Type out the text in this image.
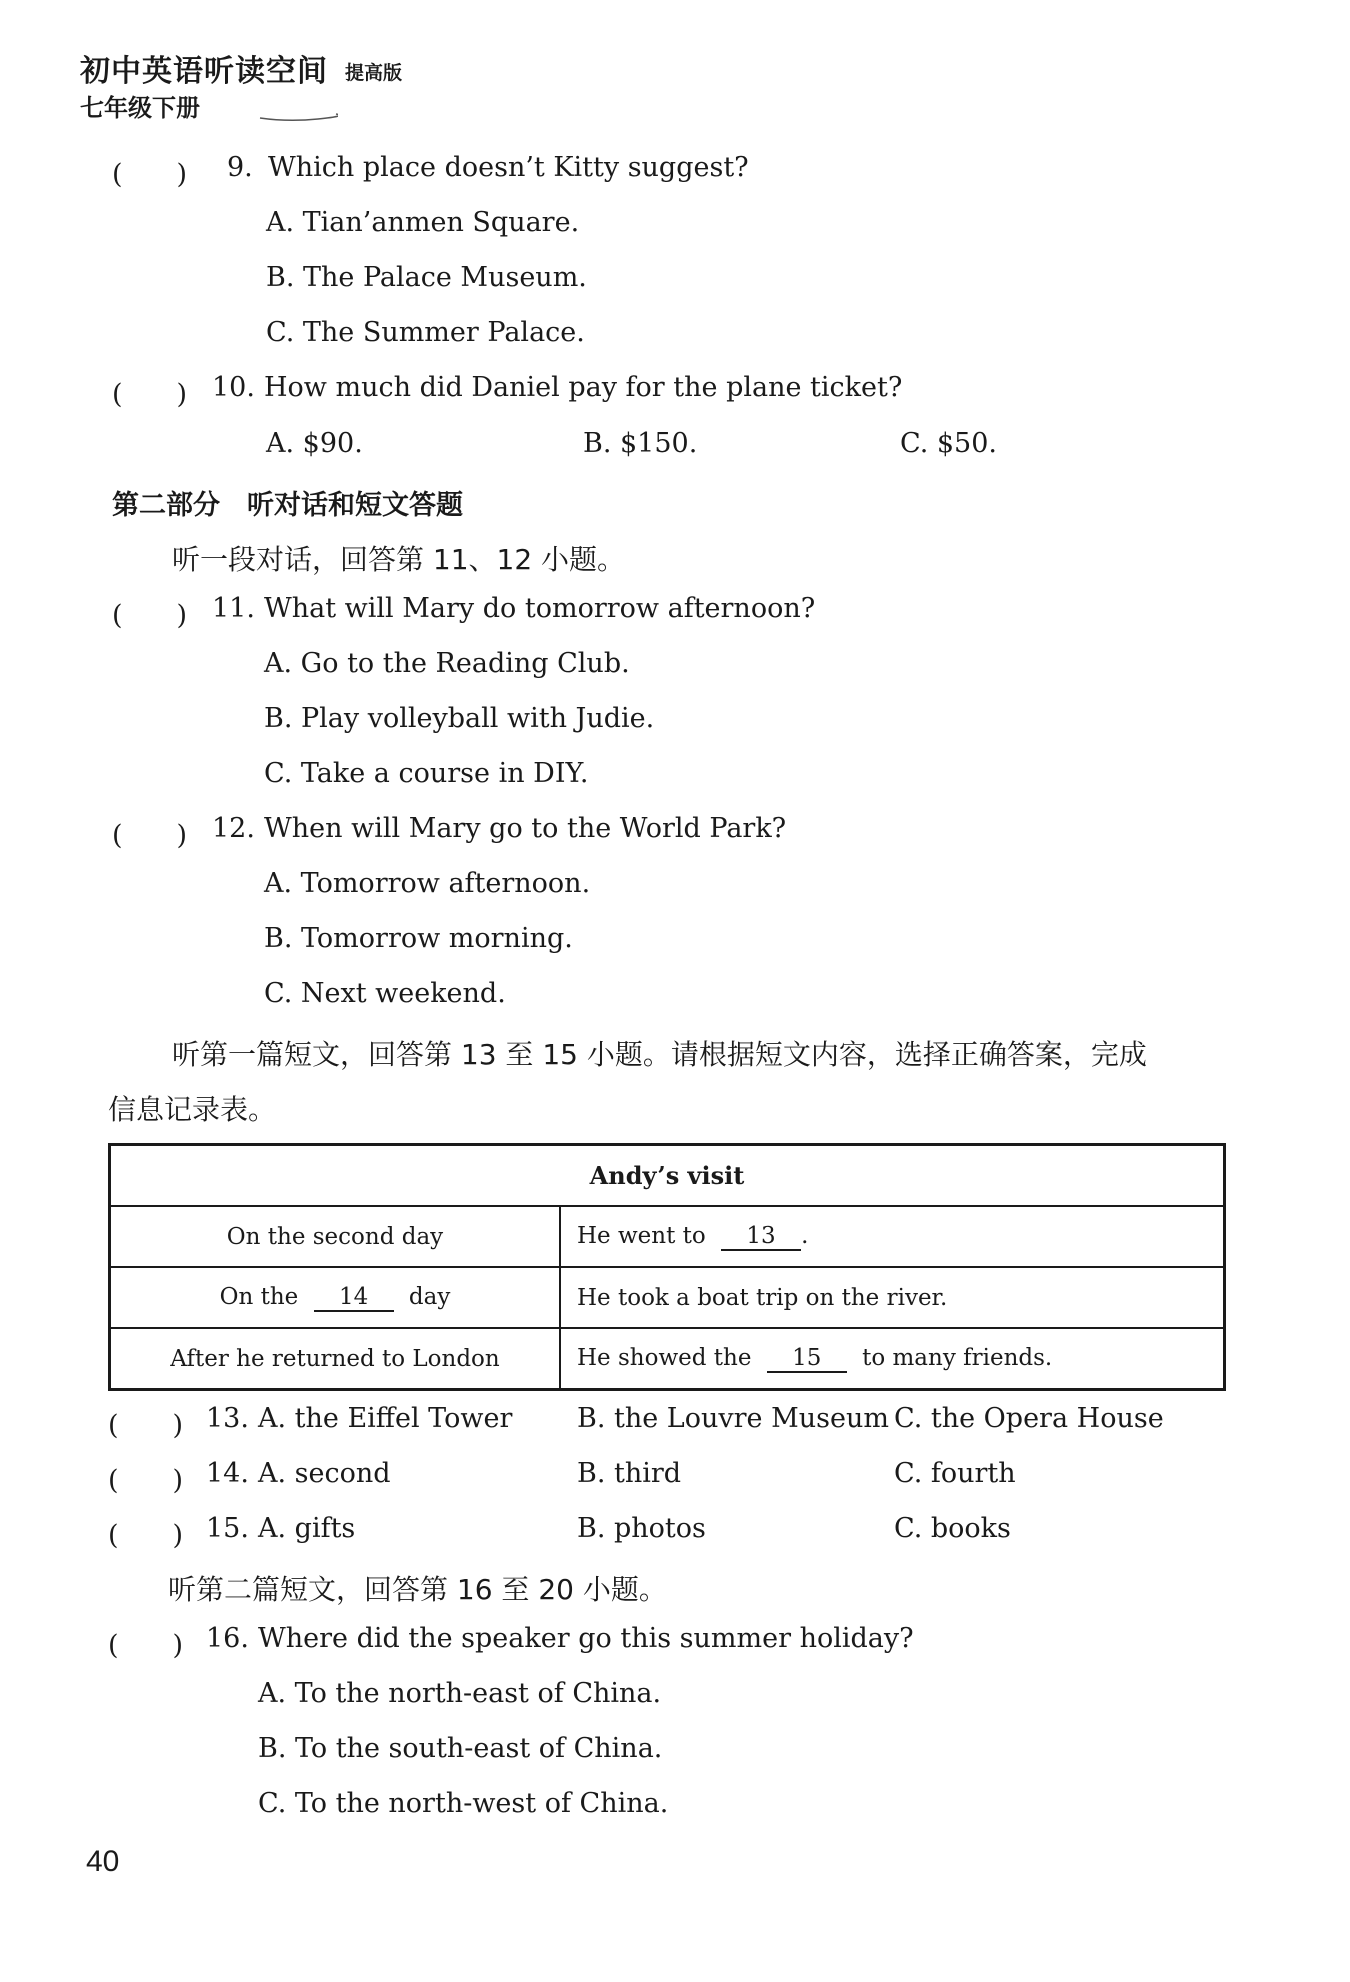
初中英语听读空间 提高版
七年级下册
(　　) 9. Which place doesn’t Kitty suggest?
A. Tian’anmen Square.
B. The Palace Museum.
C. The Summer Palace.
(　　) 10. How much did Daniel pay for the plane ticket?
A. $90.	B. $150.	C. $50.
第二部分　听对话和短文答题
听一段对话，回答第 11、12 小题。
(　　) 11. What will Mary do tomorrow afternoon?
A. Go to the Reading Club.
B. Play volleyball with Judie.
C. Take a course in DIY.
(　　) 12. When will Mary go to the World Park?
A. Tomorrow afternoon.
B. Tomorrow morning.
C. Next weekend.
听第一篇短文，回答第 13 至 15 小题。请根据短文内容，选择正确答案，完成
信息记录表。
Andy’s visit	
On the second day	He went to 13 .
On the 14 day	He took a boat trip on the river.
After he returned to London	He showed the 15 to many friends.
(　　) 13. A. the Eiffel Tower B. the Louvre Museum C. the Opera House
(　　) 14. A. second	B. third	C. fourth
(　　) 15. A. gifts	B. photos	C. books
听第二篇短文，回答第 16 至 20 小题。
(　　) 16. Where did the speaker go this summer holiday?
A. To the north-east of China.
B. To the south-east of China.
C. To the north-west of China.
40
